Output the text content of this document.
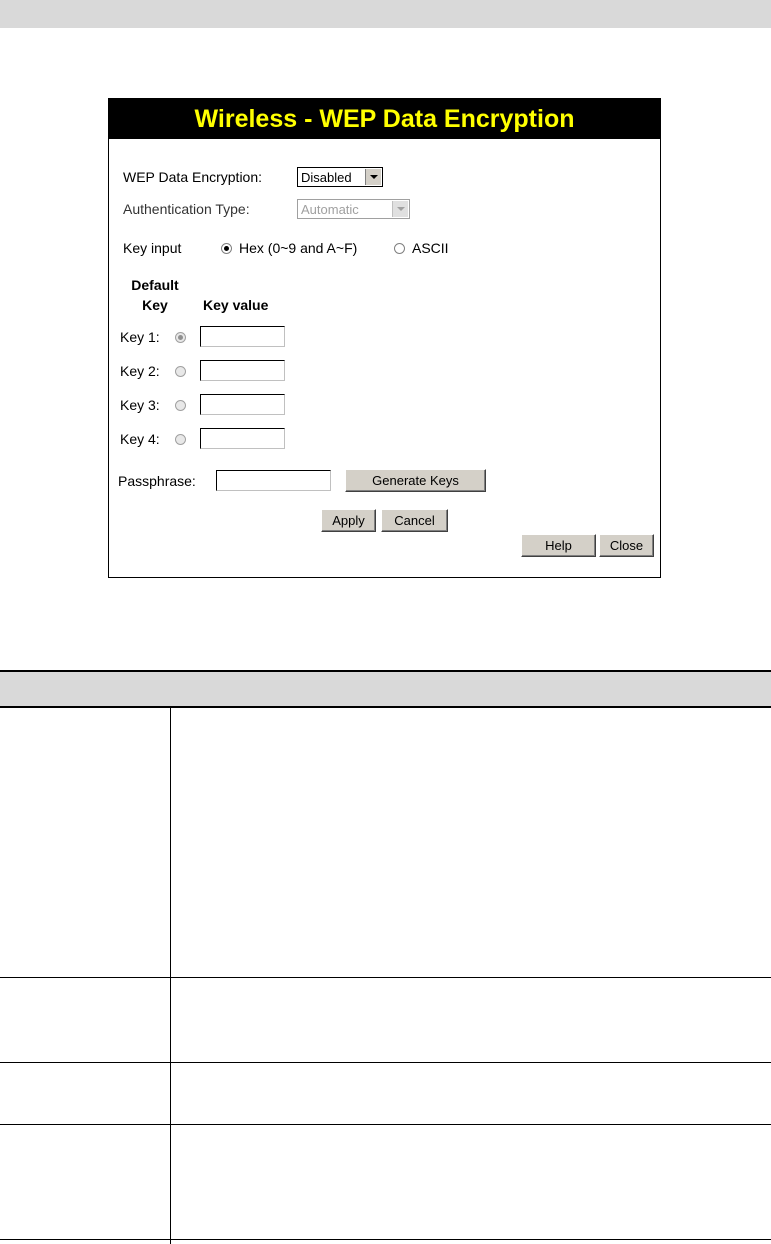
Wireless - WEP Data Encryption
WEP Data Encryption:	Disabled
Authentication Type:	Automatic
Key input	Hex (0~9 and A~F)	ASCII
Default
Key	Key value
Key 1:
Key 2:
Key 3:
Key 4:
Passphrase:	Generate Keys
Apply	Cancel
Help	Close
